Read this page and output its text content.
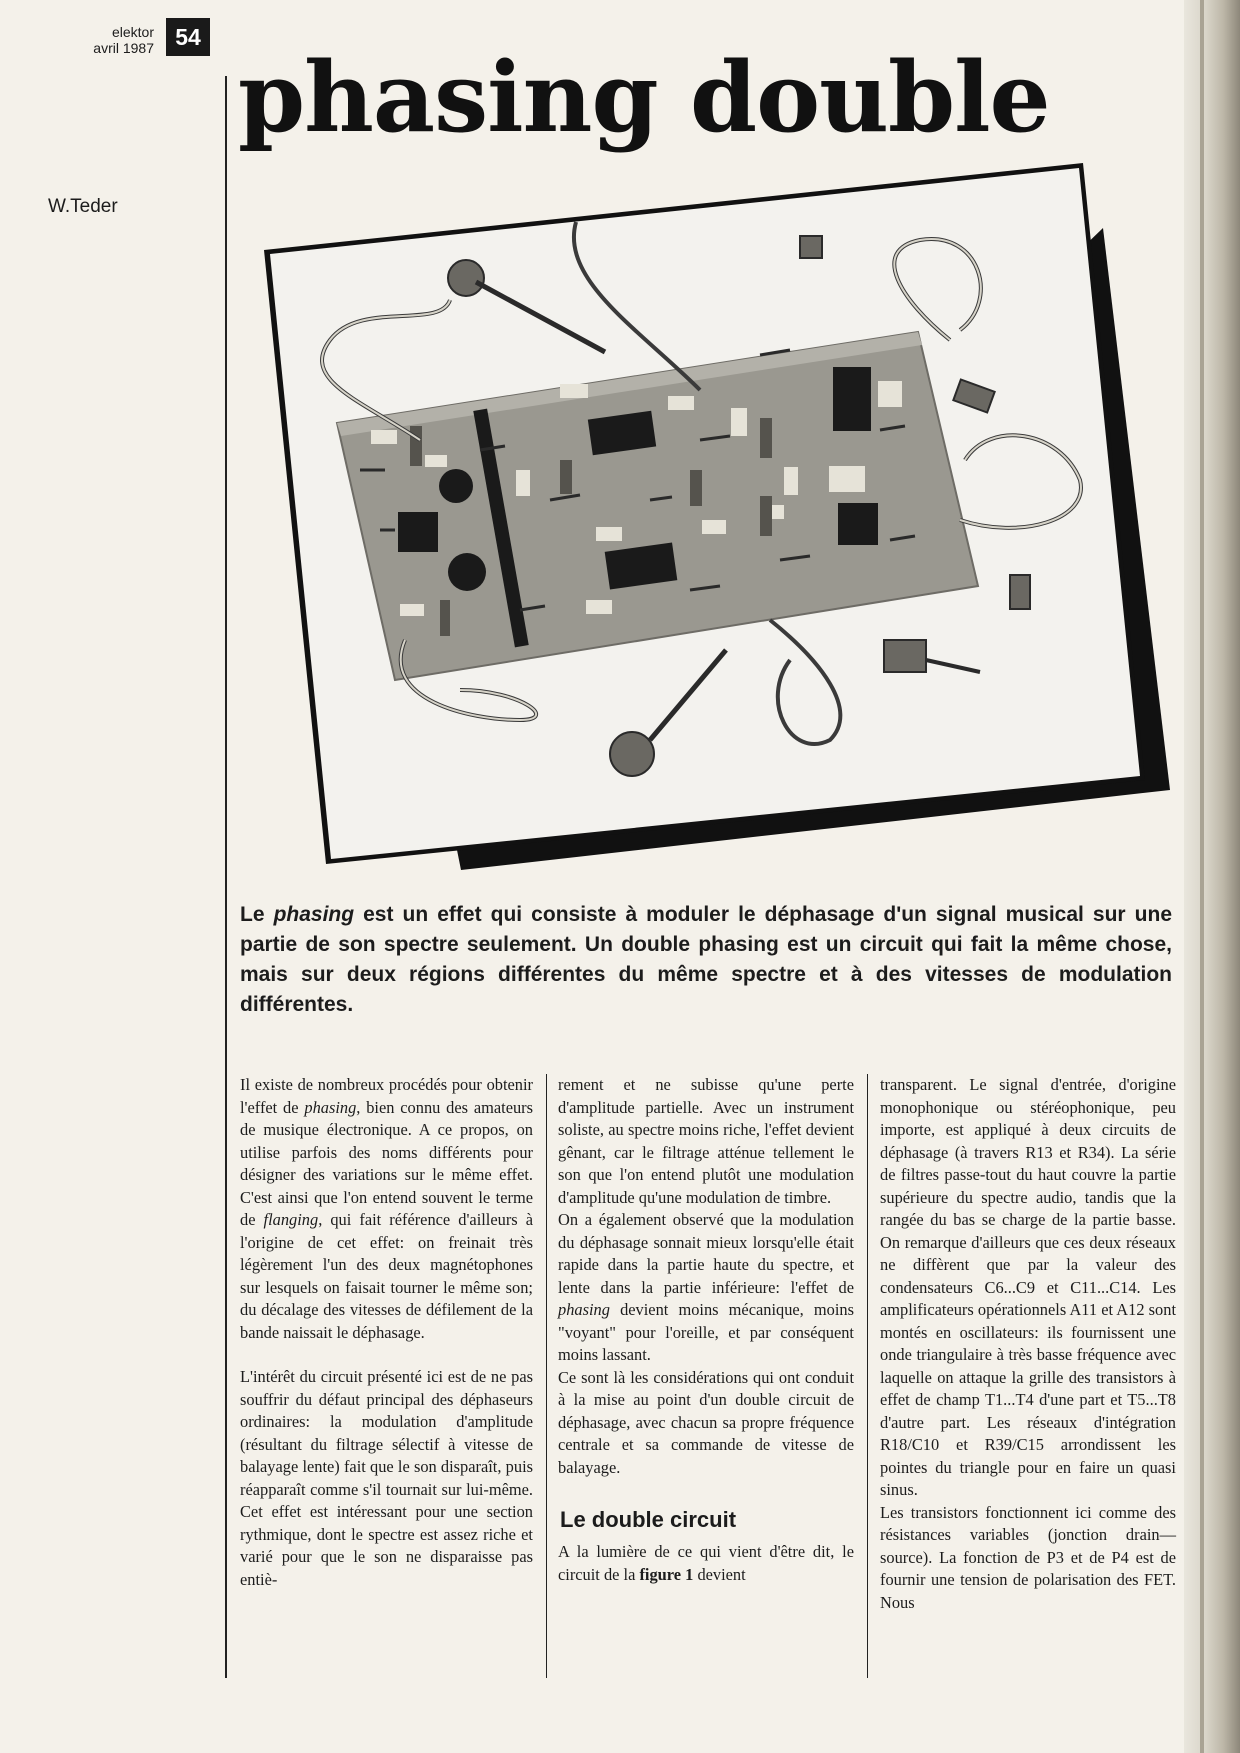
elektor
avril 1987 54
W.Teder
phasing double

Le phasing est un effet qui consiste à moduler le déphasage d'un signal musical sur une partie de son spectre seulement. Un double phasing est un circuit qui fait la même chose, mais sur deux régions différentes du même spectre et à des vitesses de modulation différentes.

Il existe de nombreux procédés pour obtenir l'effet de phasing, bien connu des amateurs de musique électronique. A ce propos, on utilise parfois des noms différents pour désigner des variations sur le même effet. C'est ainsi que l'on entend souvent le terme de flanging, qui fait référence d'ailleurs à l'origine de cet effet: on freinait très légèrement l'un des deux magnétophones sur lesquels on faisait tourner le même son; du décalage des vitesses de défilement de la bande naissait le déphasage.

L'intérêt du circuit présenté ici est de ne pas souffrir du défaut principal des déphaseurs ordinaires: la modulation d'amplitude (résultant du filtrage sélectif à vitesse de balayage lente) fait que le son disparaît, puis réapparaît comme s'il tournait sur lui-même. Cet effet est intéressant pour une section rythmique, dont le spectre est assez riche et varié pour que le son ne disparaisse pas entiè-

rement et ne subisse qu'une perte d'amplitude partielle. Avec un instrument soliste, au spectre moins riche, l'effet devient gênant, car le filtrage atténue tellement le son que l'on entend plutôt une modulation d'amplitude qu'une modulation de timbre.

On a également observé que la modulation du déphasage sonnait mieux lorsqu'elle était rapide dans la partie haute du spectre, et lente dans la partie inférieure: l'effet de phasing devient moins mécanique, moins "voyant" pour l'oreille, et par conséquent moins lassant.

Ce sont là les considérations qui ont conduit à la mise au point d'un double circuit de déphasage, avec chacun sa propre fréquence centrale et sa commande de vitesse de balayage.

Le double circuit

A la lumière de ce qui vient d'être dit, le circuit de la figure 1 devient

transparent. Le signal d'entrée, d'origine monophonique ou stéréophonique, peu importe, est appliqué à deux circuits de déphasage (à travers R13 et R34). La série de filtres passe-tout du haut couvre la partie supérieure du spectre audio, tandis que la rangée du bas se charge de la partie basse. On remarque d'ailleurs que ces deux réseaux ne diffèrent que par la valeur des condensateurs C6...C9 et C11...C14. Les amplificateurs opérationnels A11 et A12 sont montés en oscillateurs: ils fournissent une onde triangulaire à très basse fréquence avec laquelle on attaque la grille des transistors à effet de champ T1...T4 d'une part et T5...T8 d'autre part. Les réseaux d'intégration R18/C10 et R39/C15 arrondissent les pointes du triangle pour en faire un quasi sinus.

Les transistors fonctionnent ici comme des résistances variables (jonction drain—source). La fonction de P3 et de P4 est de fournir une tension de polarisation des FET. Nous
